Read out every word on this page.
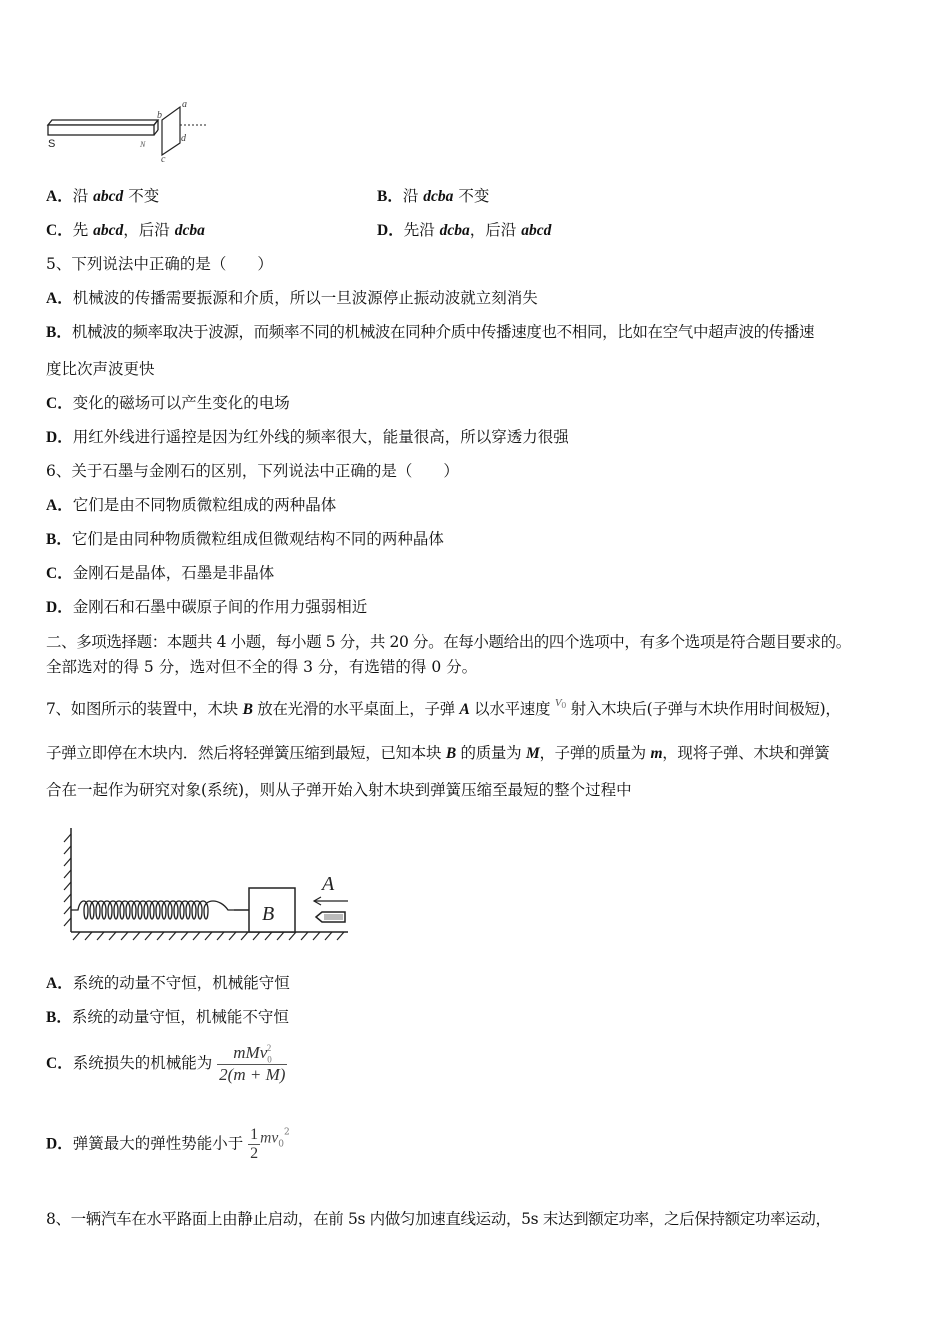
S	N
a
b
c
d
A．沿 abcd 不变	B．沿 dcba 不变
C．先 abcd，后沿 dcba	D．先沿 dcba，后沿 abcd
5、下列说法中正确的是（　　）
A．机械波的传播需要振源和介质，所以一旦波源停止振动波就立刻消失
B．机械波的频率取决于波源，而频率不同的机械波在同种介质中传播速度也不相同，比如在空气中超声波的传播速
度比次声波更快
C．变化的磁场可以产生变化的电场
D．用红外线进行遥控是因为红外线的频率很大，能量很高，所以穿透力很强
6、关于石墨与金刚石的区别，下列说法中正确的是（　　）
A．它们是由不同物质微粒组成的两种晶体
B．它们是由同种物质微粒组成但微观结构不同的两种晶体
C．金刚石是晶体，石墨是非晶体
D．金刚石和石墨中碳原子间的作用力强弱相近
二、多项选择题：本题共 4 小题，每小题 5 分，共 20 分。在每小题给出的四个选项中，有多个选项是符合题目要求的。
全部选对的得 5 分，选对但不全的得 3 分，有选错的得 0 分。
7、如图所示的装置中，木块 B 放在光滑的水平桌面上，子弹 A 以水平速度 $^{V0}$ 射入木块后(子弹与木块作用时间极短)，
子弹立即停在木块内．然后将轻弹簧压缩到最短，已知本块 B 的质量为 M，子弹的质量为 m，现将子弹、木块和弹簧
合在一起作为研究对象(系统)，则从子弹开始入射木块到弹簧压缩至最短的整个过程中
B
A
A．系统的动量不守恒，机械能守恒
B．系统的动量守恒，机械能不守恒
C．系统损失的机械能为 $\frac{mMv_0^2}{2(m + M)}$
D．弹簧最大的弹性势能小于 $\frac{1}{2} mv^{02}$
8、一辆汽车在水平路面上由静止启动，在前 5s 内做匀加速直线运动，5s 末达到额定功率，之后保持额定功率运动，
